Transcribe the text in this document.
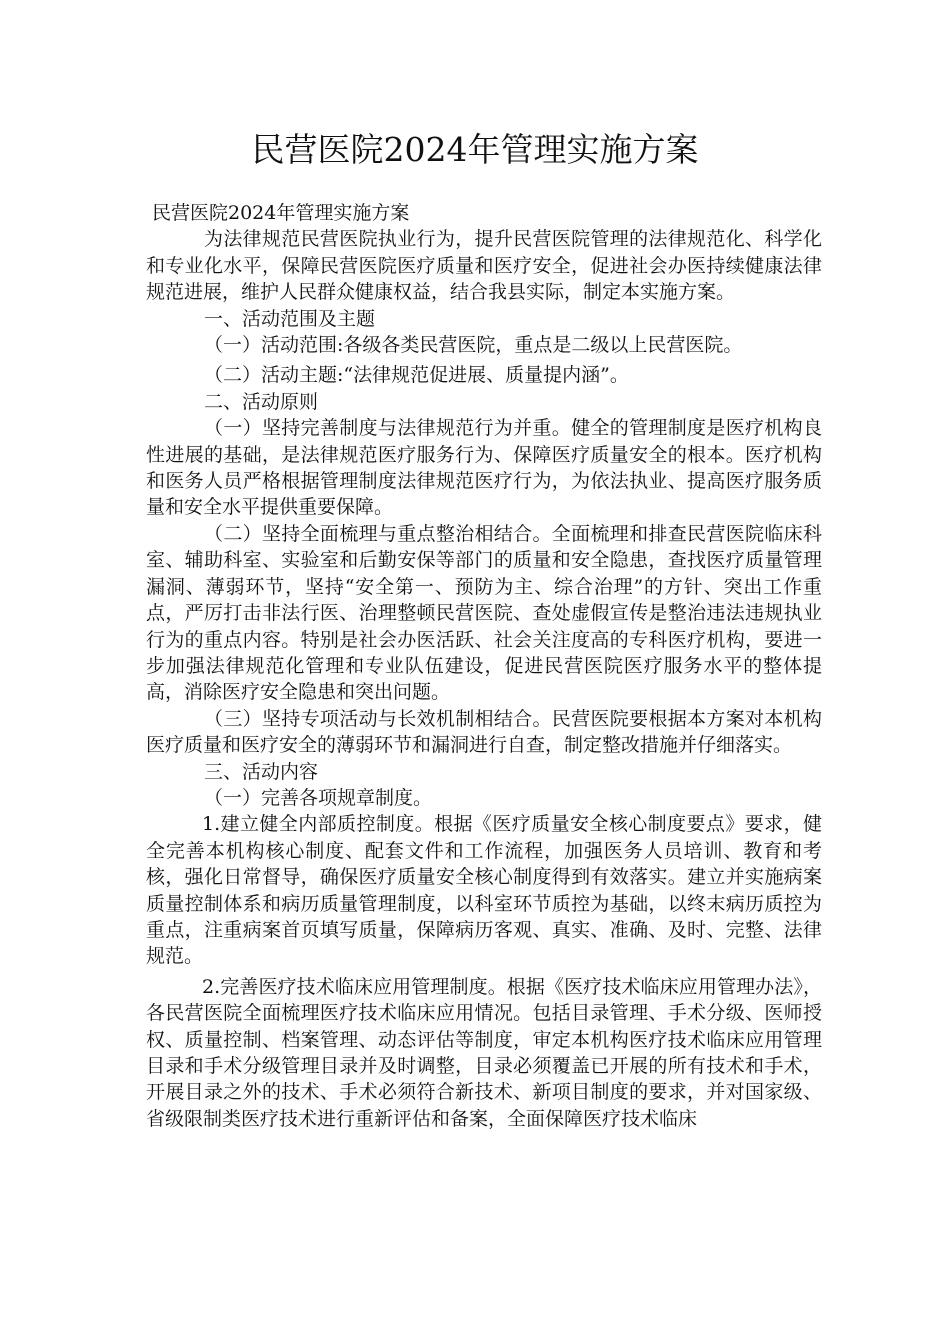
民营医院2024年管理实施方案

民营医院2024年管理实施方案

为法律规范民营医院执业行为，提升民营医院管理的法律规范化、科学化和专业化水平，保障民营医院医疗质量和医疗安全，促进社会办医持续健康法律规范进展，维护人民群众健康权益，结合我县实际，制定本实施方案。

一、活动范围及主题

（一）活动范围:各级各类民营医院，重点是二级以上民营医院。

（二）活动主题:“法律规范促进展、质量提内涵”。

二、活动原则

（一）坚持完善制度与法律规范行为并重。健全的管理制度是医疗机构良性进展的基础，是法律规范医疗服务行为、保障医疗质量安全的根本。医疗机构和医务人员严格根据管理制度法律规范医疗行为，为依法执业、提高医疗服务质量和安全水平提供重要保障。

（二）坚持全面梳理与重点整治相结合。全面梳理和排查民营医院临床科室、辅助科室、实验室和后勤安保等部门的质量和安全隐患，查找医疗质量管理漏洞、薄弱环节，坚持“安全第一、预防为主、综合治理”的方针、突出工作重点，严厉打击非法行医、治理整顿民营医院、查处虚假宣传是整治违法违规执业行为的重点内容。特别是社会办医活跃、社会关注度高的专科医疗机构，要进一步加强法律规范化管理和专业队伍建设，促进民营医院医疗服务水平的整体提高，消除医疗安全隐患和突出问题。

（三）坚持专项活动与长效机制相结合。民营医院要根据本方案对本机构医疗质量和医疗安全的薄弱环节和漏洞进行自查，制定整改措施并仔细落实。

三、活动内容

（一）完善各项规章制度。

1.建立健全内部质控制度。根据《医疗质量安全核心制度要点》要求，健全完善本机构核心制度、配套文件和工作流程，加强医务人员培训、教育和考核，强化日常督导，确保医疗质量安全核心制度得到有效落实。建立并实施病案质量控制体系和病历质量管理制度，以科室环节质控为基础，以终末病历质控为重点，注重病案首页填写质量，保障病历客观、真实、准确、及时、完整、法律规范。

2.完善医疗技术临床应用管理制度。根据《医疗技术临床应用管理办法》，各民营医院全面梳理医疗技术临床应用情况。包括目录管理、手术分级、医师授权、质量控制、档案管理、动态评估等制度，审定本机构医疗技术临床应用管理目录和手术分级管理目录并及时调整，目录必须覆盖已开展的所有技术和手术，开展目录之外的技术、手术必须符合新技术、新项目制度的要求，并对国家级、省级限制类医疗技术进行重新评估和备案，全面保障医疗技术临床
